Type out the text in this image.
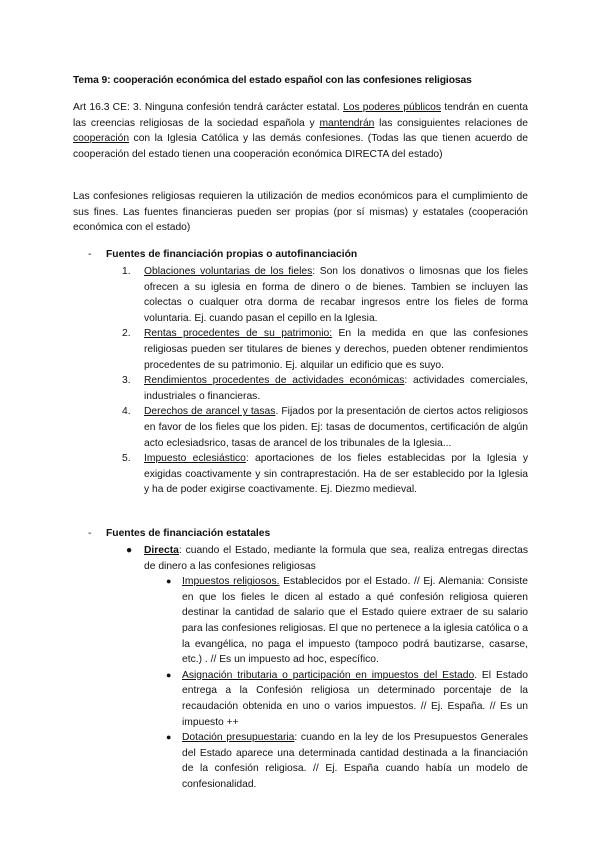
Tema 9: cooperación económica del estado español con las confesiones religiosas

Art 16.3 CE: 3. Ninguna confesión tendrá carácter estatal. Los poderes públicos tendrán en cuenta las creencias religiosas de la sociedad española y mantendrán las consiguientes relaciones de cooperación con la Iglesia Católica y las demás confesiones. (Todas las que tienen acuerdo de cooperación del estado tienen una cooperación económica DIRECTA del estado)

Las confesiones religiosas requieren la utilización de medios económicos para el cumplimiento de sus fines. Las fuentes financieras pueden ser propias (por sí mismas) y estatales (cooperación económica con el estado)

- Fuentes de financiación propias o autofinanciación
1. Oblaciones voluntarias de los fieles: Son los donativos o limosnas que los fieles ofrecen a su iglesia en forma de dinero o de bienes. Tambien se incluyen las colectas o cualquer otra dorma de recabar ingresos entre los fieles de forma voluntaria. Ej. cuando pasan el cepillo en la Iglesia.
2. Rentas procedentes de su patrimonio: En la medida en que las confesiones religiosas pueden ser titulares de bienes y derechos, pueden obtener rendimientos procedentes de su patrimonio. Ej. alquilar un edificio que es suyo.
3. Rendimientos procedentes de actividades económicas: actividades comerciales, industriales o financieras.
4. Derechos de arancel y tasas. Fijados por la presentación de ciertos actos religiosos en favor de los fieles que los piden. Ej: tasas de documentos, certificación de algún acto eclesiadsrico, tasas de arancel de los tribunales de la Iglesia...
5. Impuesto eclesiástico: aportaciones de los fieles establecidas por la Iglesia y exigidas coactivamente y sin contraprestación. Ha de ser establecido por la Iglesia y ha de poder exigirse coactivamente. Ej. Diezmo medieval.
- Fuentes de financiación estatales
● Directa: cuando el Estado, mediante la formula que sea, realiza entregas directas de dinero a las confesiones religiosas
● Impuestos religiosos. Establecidos por el Estado. // Ej. Alemania: Consiste en que los fieles le dicen al estado a qué confesión religiosa quieren destinar la cantidad de salario que el Estado quiere extraer de su salario para las confesiones religiosas. El que no pertenece a la iglesia católica o a la evangélica, no paga el impuesto (tampoco podrá bautizarse, casarse, etc.) . // Es un impuesto ad hoc, específico.
● Asignación tributaria o participación en impuestos del Estado. El Estado entrega a la Confesión religiosa un determinado porcentaje de la recaudación obtenida en uno o varios impuestos. // Ej. España. // Es un impuesto ++
● Dotación presupuestaria: cuando en la ley de los Presupuestos Generales del Estado aparece una determinada cantidad destinada a la financiación de la confesión religiosa. // Ej. España cuando había un modelo de confesionalidad.
